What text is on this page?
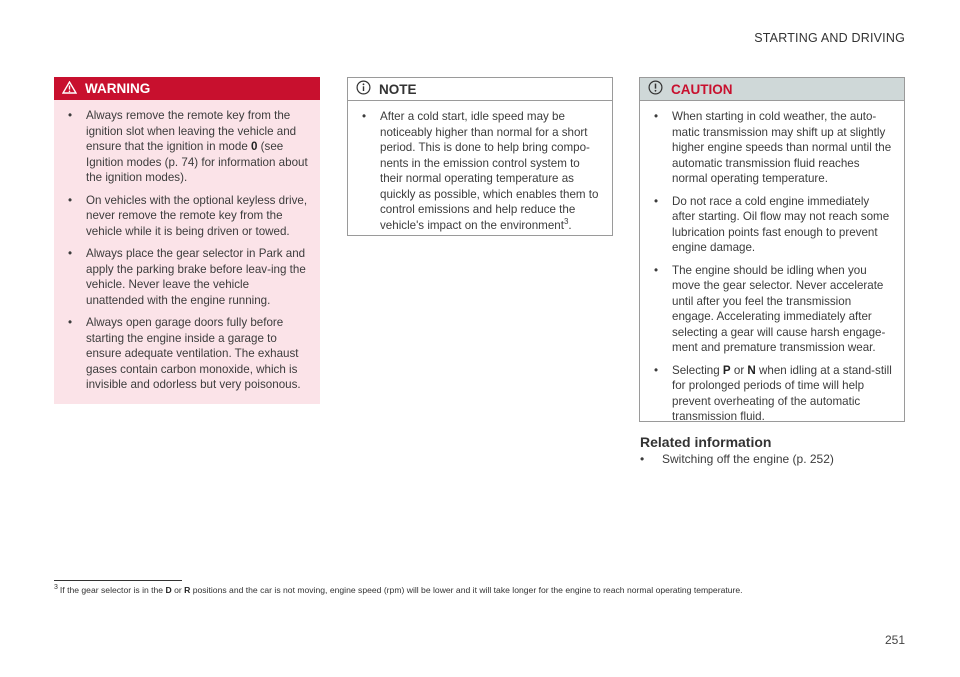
STARTING AND DRIVING
WARNING
• Always remove the remote key from the ignition slot when leaving the vehicle and ensure that the ignition in mode 0 (see Ignition modes (p. 74) for information about the ignition modes).
• On vehicles with the optional keyless drive, never remove the remote key from the vehicle while it is being driven or towed.
• Always place the gear selector in Park and apply the parking brake before leav-ing the vehicle. Never leave the vehicle unattended with the engine running.
• Always open garage doors fully before starting the engine inside a garage to ensure adequate ventilation. The exhaust gases contain carbon monoxide, which is invisible and odorless but very poisonous.
NOTE
• After a cold start, idle speed may be noticeably higher than normal for a short period. This is done to help bring compo-nents in the emission control system to their normal operating temperature as quickly as possible, which enables them to control emissions and help reduce the vehicle's impact on the environment$^3$.
CAUTION
• When starting in cold weather, the auto-matic transmission may shift up at slightly higher engine speeds than normal until the automatic transmission fluid reaches normal operating temperature.
• Do not race a cold engine immediately after starting. Oil flow may not reach some lubrication points fast enough to prevent engine damage.
• The engine should be idling when you move the gear selector. Never accelerate until after you feel the transmission engage. Accelerating immediately after selecting a gear will cause harsh engage-ment and premature transmission wear.
• Selecting P or N when idling at a stand-still for prolonged periods of time will help prevent overheating of the automatic transmission fluid.
Related information
• Switching off the engine (p. 252)
$^3$ If the gear selector is in the D or R positions and the car is not moving, engine speed (rpm) will be lower and it will take longer for the engine to reach normal operating temperature.
251
